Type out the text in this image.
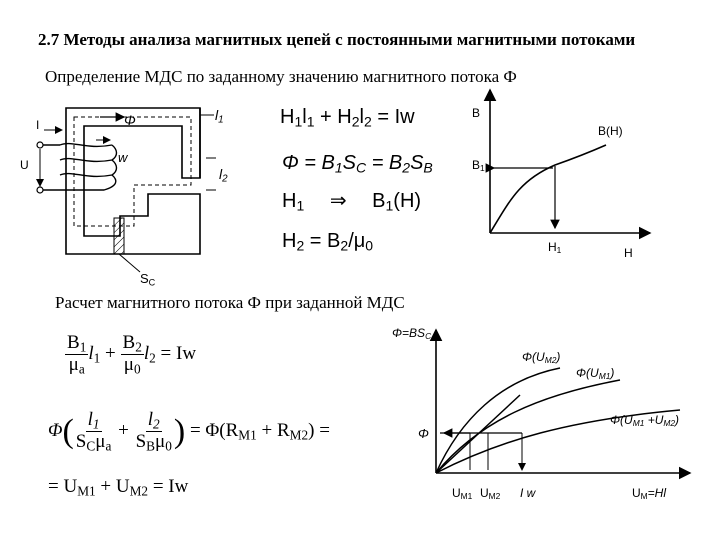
2.7 Методы анализа магнитных цепей с постоянными магнитными потоками
Определение МДС по заданному значению магнитного потока Ф
Расчет магнитного потока Ф при заданной МДС
I
U
Φ
w
$l_1$
$l_2$
$S_C$
$H_1l_1 + H_2l_2 = Iw$
$\Phi = B_1S_C = B_2S_B$
$H_1$ ⇒ $B_1(H)$
$H_2 = B_2/\mu_0$
B
B(H)
$B_1$
$H_1$	H
$\frac{B_1}{\mu_a} l_1 + \frac{B_2}{\mu_0} l_2 = Iw$
$\Phi( \frac{l_1}{S_C\mu_a} + \frac{l_2}{S_B\mu_0}$ ) = $\Phi(R_{M1} + R_{M2})$ =
= $U_{M1} + U_{M2} = Iw$
$\Phi=BS_C$
Φ
$\Phi(U_{M2})$
$\Phi(U_{M1})$
$\Phi(U_{M1} +U_{M2})$
$U_{M1}$ $U_{M2}$ I w	$U_M=Hl$
